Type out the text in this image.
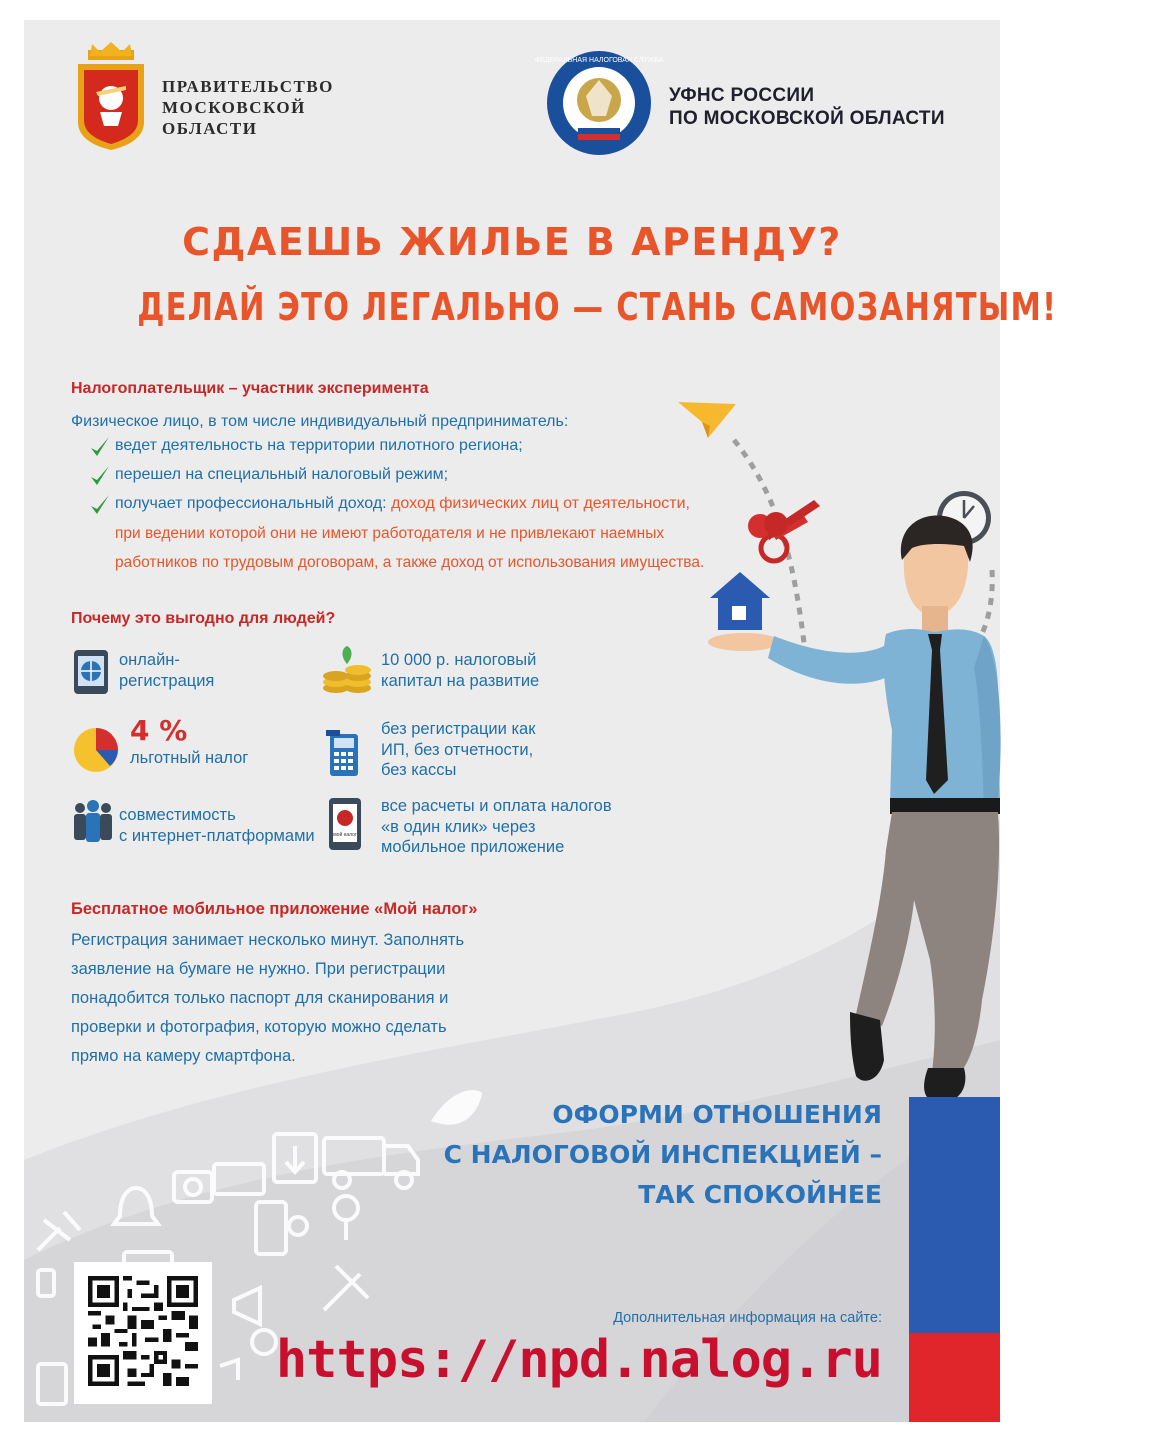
ПРАВИТЕЛЬСТВО
МОСКОВСКОЙ
ОБЛАСТИ
ФЕДЕРАЛЬНАЯ НАЛОГОВАЯ СЛУЖБА
УФНС РОССИИ
ПО МОСКОВСКОЙ ОБЛАСТИ
СДАЕШЬ ЖИЛЬЕ В АРЕНДУ?
ДЕЛАЙ ЭТО ЛЕГАЛЬНО — СТАНЬ САМОЗАНЯТЫМ!
Налогоплательщик – участник эксперимента
Физическое лицо, в том числе индивидуальный предприниматель:
ведет деятельность на территории пилотного региона;
перешел на специальный налоговый режим;
получает профессиональный доход: доход физических лиц от деятельности,
при ведении которой они не имеют работодателя и не привлекают наемных
работников по трудовым договорам, а также доход от использования имущества.
Почему это выгодно для людей?
онлайн-
регистрация
10 000 р. налоговый
капитал на развитие
4 %
льготный налог
без регистрации как
ИП, без отчетности,
без кассы
совместимость
с интернет-платформами	мой налог
все расчеты и оплата налогов
«в один клик» через
мобильное приложение
Бесплатное мобильное приложение «Мой налог»
Регистрация занимает несколько минут. Заполнять
заявление на бумаге не нужно. При регистрации
понадобится только паспорт для сканирования и
проверки и фотография, которую можно сделать
прямо на камеру смартфона.
ОФОРМИ ОТНОШЕНИЯ
С НАЛОГОВОЙ ИНСПЕКЦИЕЙ –
ТАК СПОКОЙНЕЕ
Дополнительная информация на сайте:
https://npd.nalog.ru
